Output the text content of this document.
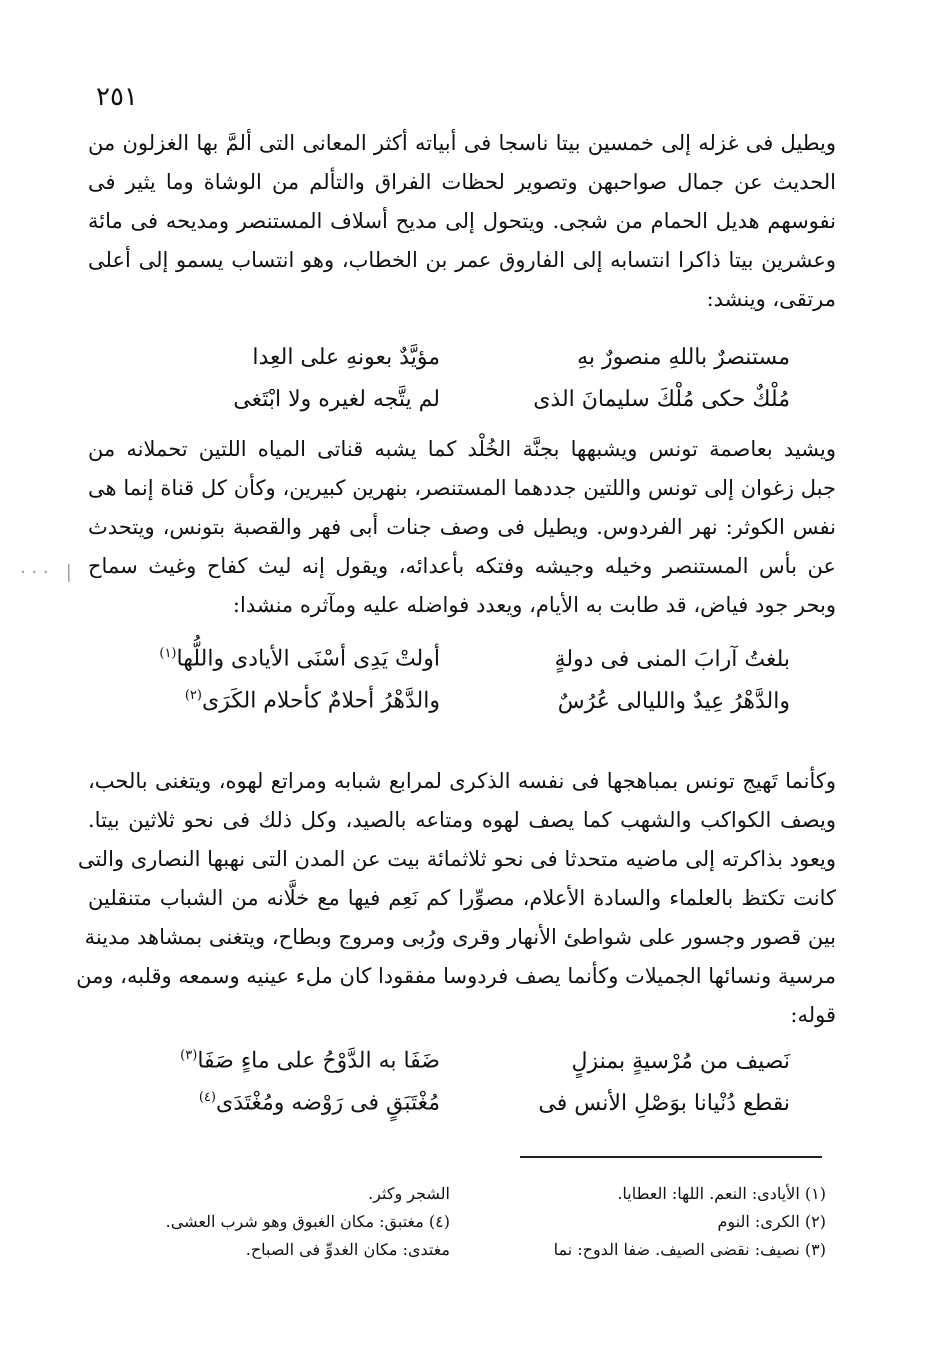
٢٥١
· · ·   |

ويطيل فى غزله إلى خمسين بيتا ناسجا فى أبياته أكثر المعانى التى ألمَّ بها الغزلون من
الحديث عن جمال صواحبهن وتصوير لحظات الفراق والتألم من الوشاة وما يثير فى
نفوسهم هديل الحمام من شجى. ويتحول إلى مديح أسلاف المستنصر ومديحه فى مائة
وعشرين بيتا ذاكرا انتسابه إلى الفاروق عمر بن الخطاب، وهو انتساب يسمو إلى أعلى
مرتقى، وينشد:

مستنصرٌ باللهِ منصورٌ بهِ
مؤيَّدٌ بعونهِ على العِدا
مُلْكٌ حكى مُلْكَ سليمانَ الذى
لم يتَّجه لغيره ولا ابْتَغى

ويشيد بعاصمة تونس ويشبهها بجنَّة الخُلْد كما يشبه قناتى المياه اللتين تحملانه من
جبل زغوان إلى تونس واللتين جددهما المستنصر، بنهرين كبيرين، وكأن كل قناة إنما هى
نفس الكوثر: نهر الفردوس. ويطيل فى وصف جنات أبى فهر والقصبة بتونس، ويتحدث
عن بأس المستنصر وخيله وجيشه وفتكه بأعدائه، ويقول إنه ليث كفاح وغيث سماح
وبحر جود فياض، قد طابت به الأيام، ويعدد فواضله عليه ومآثره منشدا:

بلغتُ آرابَ المنى فى دولةٍ
أولتْ يَدِى أسْنَى الأيادى واللُّها$^{(١)}$
والدَّهْرُ عِيدٌ والليالى عُرُسٌ
والدَّهْرُ أحلامٌ كأحلام الكَرَى$^{(٢)}$

وكأنما تَهيج تونس بمباهجها فى نفسه الذكرى لمرابع شبابه ومراتع لهوه، ويتغنى بالحب،
ويصف الكواكب والشهب كما يصف لهوه ومتاعه بالصيد، وكل ذلك فى نحو ثلاثين بيتا.
ويعود بذاكرته إلى ماضيه متحدثا فى نحو ثلاثمائة بيت عن المدن التى نهبها النصارى والتى
كانت تكتظ بالعلماء والسادة الأعلام، مصوِّرا كم نَعِم فيها مع خلَّانه من الشباب متنقلين
بين قصور وجسور على شواطئ الأنهار وقرى ورُبى ومروج وبطاح، ويتغنى بمشاهد مدينة
مرسية ونسائها الجميلات وكأنما يصف فردوسا مفقودا كان ملء عينيه وسمعه وقلبه، ومن
قوله:

نَصيف من مُرْسيةٍ بمنزلٍ
ضَفَا به الدَّوْحُ على ماءٍ صَفَا$^{(٣)}$
نقطع دُنْيانا بوَصْلِ الأنس فى
مُغْتَبَقٍ فى رَوْضه ومُغْتَدَى$^{(٤)}$
(١) الأيادى: النعم. اللها: العطايا.
(٢) الكرى: النوم
(٣) نصيف: نقضى الصيف. ضفا الدوح: نما
الشجر وكثر.
(٤) مغتبق: مكان الغبوق وهو شرب العشى.
مغتدى: مكان الغدوِّ فى الصباح.
